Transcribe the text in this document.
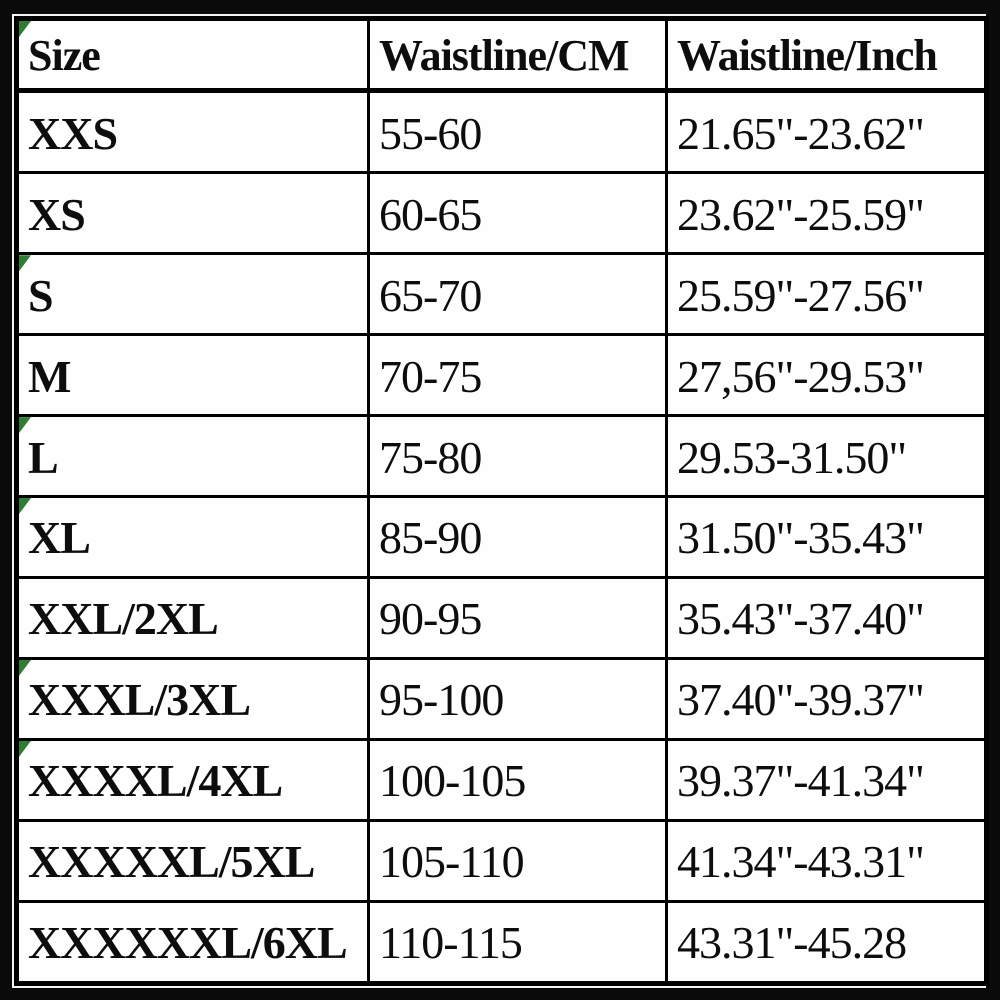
Size	Waistline/CM	Waistline/Inch
XXS	55-60	21.65"-23.62"
XS	60-65	23.62"-25.59"

S	65-70	25.59"-27.56"
M	70-75	27,56"-29.53"

L	75-80	29.53-31.50"

XL	85-90	31.50"-35.43"
XXL/2XL	90-95	35.43"-37.40"

XXXL/3XL	95-100	37.40"-39.37"

XXXXL/4XL	100-105	39.37"-41.34"
XXXXXL/5XL	105-110	41.34"-43.31"
XXXXXXL/6XL	110-115	43.31"-45.28
